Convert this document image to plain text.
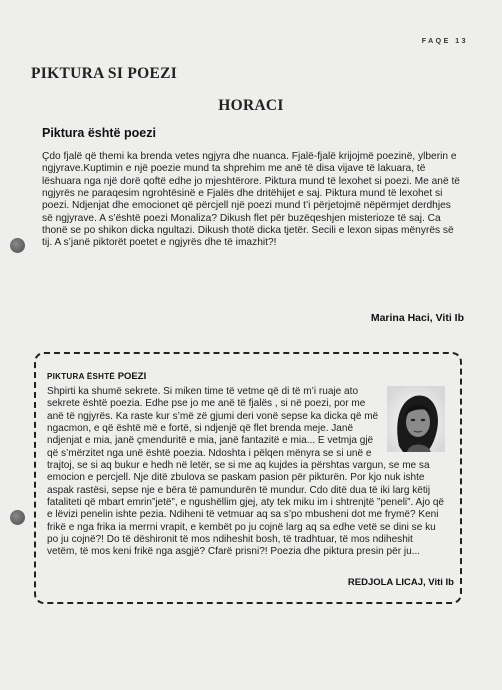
FAQE 13
PIKTURA SI POEZI
HORACI
Piktura është poezi

Çdo fjalë që themi ka brenda vetes ngjyra dhe nuanca. Fjalë-fjalë krijojmë poezinë, ylberin e ngjyrave.Kuptimin e një poezie mund ta shprehim me anë të disa vijave të lakuara, të lëshuara nga një dorë qoftë edhe jo mjeshtërore. Piktura mund të lexohet si poezi. Me anë të ngjyrës ne paraqesim ngrohtësinë e Fjalës dhe dritëhijet e saj. Piktura mund të lexohet si poezi. Ndjenjat dhe emocionet që përcjell një poezi mund t’i përjetojmë nëpërmjet derdhjes së ngjyrave. A s’është poezi Monaliza? Dikush flet për buzëqeshjen misterioze të saj. Ca thonë se po shikon dicka ngultazi. Dikush thotë dicka tjetër. Secili e lexon sipas mënyrës së tij. A s’janë piktorët poetet e ngjyrës dhe të imazhit?!

Marina Haci, Viti Ib
PIKTURA ËSHTË POEZI
Shpirti ka shumë sekrete. Si miken time të vetme që di të m’i ruaje ato sekrete është poezia. Edhe pse jo me anë të fjalës , si në poezi, por me anë të ngjyrës. Ka raste kur s’më zë gjumi deri vonë sepse ka dicka që më ngacmon, e që është më e fortë, si ndjenjë që flet brenda meje. Janë ndjenjat e mia, janë çmenduritë e mia, janë fantazitë e mia... E vetmja gjë që s’mërzitet nga unë është poezia. Ndoshta i pëlqen mënyra se si unë e trajtoj, se si aq bukur e hedh në letër, se si me aq kujdes ia përshtas vargun, se me sa emocion e percjell. Nje ditë zbulova se paskam pasion për pikturën. Por kjo nuk ishte aspak rastësi, sepse nje e bëra të pamundurën të mundur. Cdo ditë dua të iki larg këtij fataliteti që mbart emrin”jetë”, e ngushëllim gjej, aty tek miku im i shtrenjtë ”peneli”. Ajo që e lëvizi penelin ishte pezia. Ndiheni të vetmuar aq sa s’po mbusheni dot me frymë? Keni frikë e nga frika ia merrni vrapit, e kembët po ju cojnë larg aq sa edhe vetë se dini se ku po ju cojnë?! Do të dëshironit të mos ndiheshit bosh, të tradhtuar, të mos ndiheshit vetëm, të mos keni frikë nga asgjë? Cfarë prisni?! Poezia dhe piktura presin për ju...
REDJOLA LICAJ, Viti Ib
